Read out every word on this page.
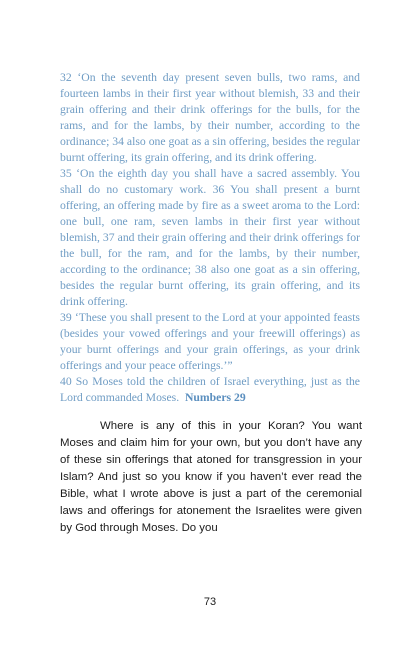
32 ‘On the seventh day present seven bulls, two rams, and fourteen lambs in their first year without blemish, 33 and their grain offering and their drink offerings for the bulls, for the rams, and for the lambs, by their number, according to the ordinance; 34 also one goat as a sin offering, besides the regular burnt offering, its grain offering, and its drink offering.

35 ‘On the eighth day you shall have a sacred assembly. You shall do no customary work. 36 You shall present a burnt offering, an offering made by fire as a sweet aroma to the Lord: one bull, one ram, seven lambs in their first year without blemish, 37 and their grain offering and their drink offerings for the bull, for the ram, and for the lambs, by their number, according to the ordinance; 38 also one goat as a sin offering, besides the regular burnt offering, its grain offering, and its drink offering.

39 ‘These you shall present to the Lord at your appointed feasts (besides your vowed offerings and your freewill offerings) as your burnt offerings and your grain offerings, as your drink offerings and your peace offerings.’”

40 So Moses told the children of Israel everything, just as the Lord commanded Moses. Numbers 29

Where is any of this in your Koran? You want Moses and claim him for your own, but you don’t have any of these sin offerings that atoned for transgression in your Islam? And just so you know if you haven’t ever read the Bible, what I wrote above is just a part of the ceremonial laws and offerings for atonement the Israelites were given by God through Moses. Do you

73
